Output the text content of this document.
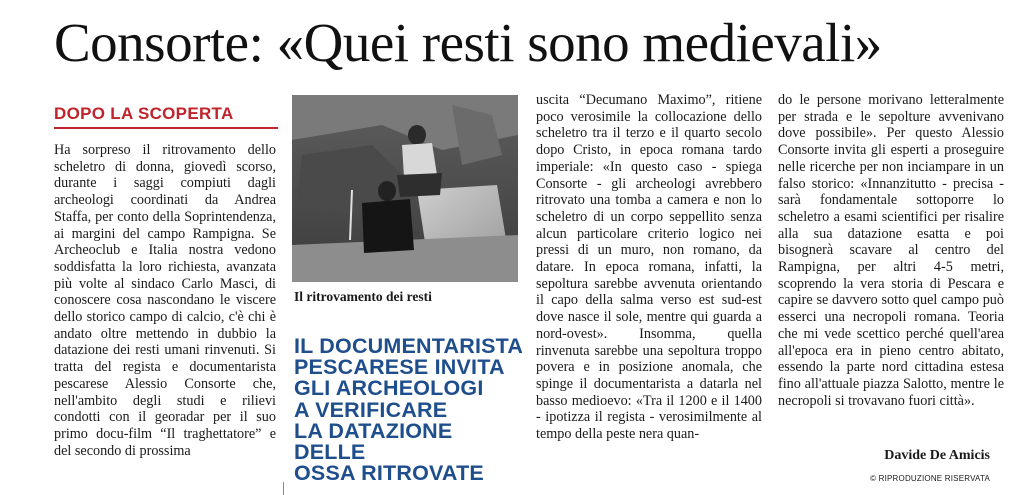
Consorte: «Quei resti sono medievali»
DOPO LA SCOPERTA

Ha sorpreso il ritrovamento dello scheletro di donna, giovedì scorso, durante i saggi compiuti dagli archeologi coordinati da Andrea Staffa, per conto della Soprintendenza, ai margini del campo Rampigna. Se Archeoclub e Italia nostra vedono soddisfatta la loro richiesta, avanzata più volte al sindaco Carlo Masci, di conoscere cosa nascondano le viscere dello storico campo di calcio, c'è chi è andato oltre mettendo in dubbio la datazione dei resti umani rinvenuti. Si tratta del regista e documentarista pescarese Alessio Consorte che, nell'ambito degli studi e rilievi condotti con il georadar per il suo primo docu-film “Il traghettatore” e del secondo di prossima

Il ritrovamento dei resti
IL DOCUMENTARISTA
PESCARESE INVITA
GLI ARCHEOLOGI
A VERIFICARE
LA DATAZIONE DELLE
OSSA RITROVATE

uscita “Decumano Maximo”, ritiene poco verosimile la collocazione dello scheletro tra il terzo e il quarto secolo dopo Cristo, in epoca romana tardo imperiale: «In questo caso - spiega Consorte - gli archeologi avrebbero ritrovato una tomba a camera e non lo scheletro di un corpo seppellito senza alcun particolare criterio logico nei pressi di un muro, non romano, da datare. In epoca romana, infatti, la sepoltura sarebbe avvenuta orientando il capo della salma verso est sud-est dove nasce il sole, mentre qui guarda a nord-ovest». Insomma, quella rinvenuta sarebbe una sepoltura troppo povera e in posizione anomala, che spinge il documentarista a datarla nel basso medioevo: «Tra il 1200 e il 1400 - ipotizza il regista - verosimilmente al tempo della peste nera quan-

do le persone morivano letteralmente per strada e le sepolture avvenivano dove possibile». Per questo Alessio Consorte invita gli esperti a proseguire nelle ricerche per non inciampare in un falso storico: «Innanzitutto - precisa - sarà fondamentale sottoporre lo scheletro a esami scientifici per risalire alla sua datazione esatta e poi bisognerà scavare al centro del Rampigna, per altri 4-5 metri, scoprendo la vera storia di Pescara e capire se davvero sotto quel campo può esserci una necropoli romana. Teoria che mi vede scettico perché quell'area all'epoca era in pieno centro abitato, essendo la parte nord cittadina estesa fino all'attuale piazza Salotto, mentre le necropoli si trovavano fuori città».

Davide De Amicis
© RIPRODUZIONE RISERVATA
